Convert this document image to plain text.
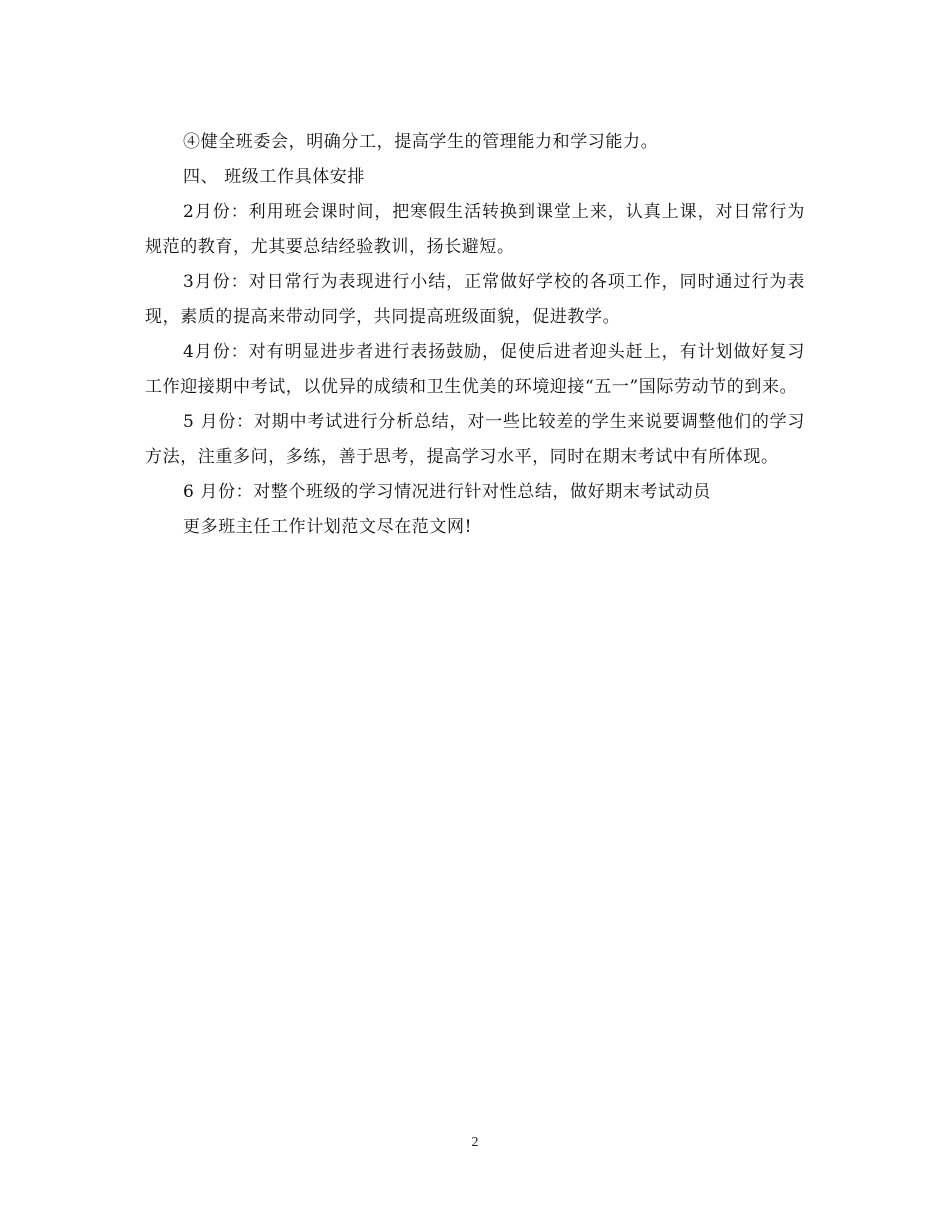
④健全班委会，明确分工，提高学生的管理能力和学习能力。

四、 班级工作具体安排

2月份：利用班会课时间，把寒假生活转换到课堂上来，认真上课，对日常行为规范的教育，尤其要总结经验教训，扬长避短。

3月份：对日常行为表现进行小结，正常做好学校的各项工作，同时通过行为表现，素质的提高来带动同学，共同提高班级面貌，促进教学。

4月份：对有明显进步者进行表扬鼓励，促使后进者迎头赶上，有计划做好复习工作迎接期中考试，以优异的成绩和卫生优美的环境迎接“五一”国际劳动节的到来。

5 月份：对期中考试进行分析总结，对一些比较差的学生来说要调整他们的学习方法，注重多问，多练，善于思考，提高学习水平，同时在期末考试中有所体现。

6 月份：对整个班级的学习情况进行针对性总结，做好期末考试动员

更多班主任工作计划范文尽在范文网!

2
